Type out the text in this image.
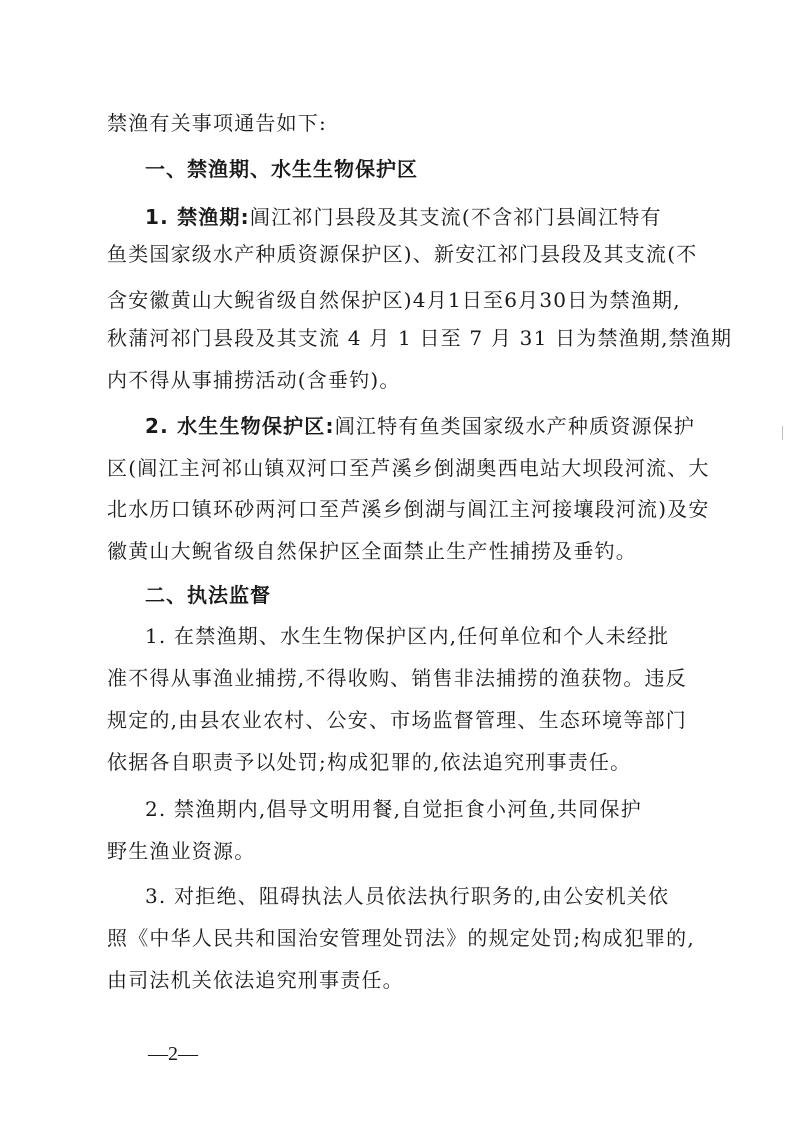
禁渔有关事项通告如下:
一、禁渔期、水生生物保护区
1. 禁渔期:阊江祁门县段及其支流(不含祁门县阊江特有
鱼类国家级水产种质资源保护区)、新安江祁门县段及其支流(不
含安徽黄山大鲵省级自然保护区)4月1日至6月30日为禁渔期,
秋蒲河祁门县段及其支流 4 月 1 日至 7 月 31 日为禁渔期,禁渔期
内不得从事捕捞活动(含垂钓)。
2. 水生生物保护区:阊江特有鱼类国家级水产种质资源保护
区(阊江主河祁山镇双河口至芦溪乡倒湖奥西电站大坝段河流、大
北水历口镇环砂两河口至芦溪乡倒湖与阊江主河接壤段河流)及安
徽黄山大鲵省级自然保护区全面禁止生产性捕捞及垂钓。
二、执法监督
1. 在禁渔期、水生生物保护区内,任何单位和个人未经批
准不得从事渔业捕捞,不得收购、销售非法捕捞的渔获物。违反
规定的,由县农业农村、公安、市场监督管理、生态环境等部门
依据各自职责予以处罚;构成犯罪的,依法追究刑事责任。
2. 禁渔期内,倡导文明用餐,自觉拒食小河鱼,共同保护
野生渔业资源。
3. 对拒绝、阻碍执法人员依法执行职务的,由公安机关依
照《中华人民共和国治安管理处罚法》的规定处罚;构成犯罪的,
由司法机关依法追究刑事责任。
—2—
